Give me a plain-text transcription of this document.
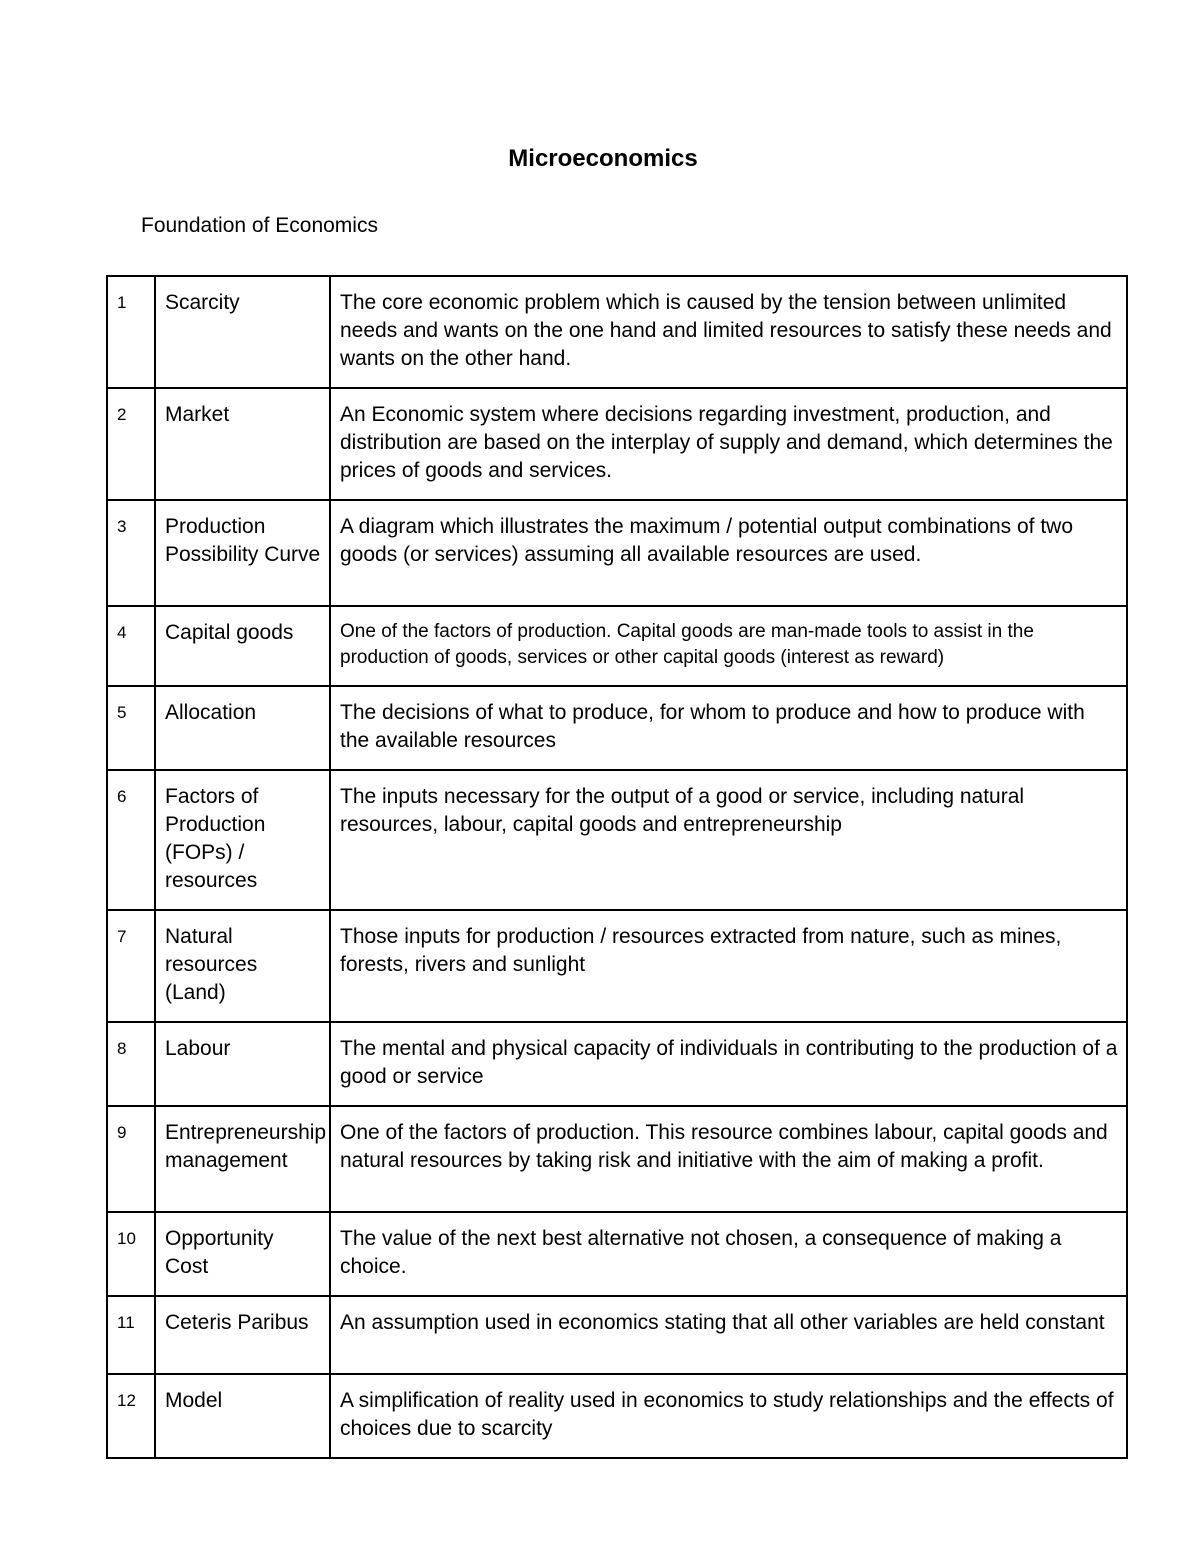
Microeconomics
Foundation of Economics
1	Scarcity	The core economic problem which is caused by the tension between unlimited needs and wants on the one hand and limited resources to satisfy these needs and wants on the other hand.
2	Market	An Economic system where decisions regarding investment, production, and distribution are based on the interplay of supply and demand, which determines the prices of goods and services.
3	Production Possibility Curve	A diagram which illustrates the maximum / potential output combinations of two goods (or services) assuming all available resources are used.
4	Capital goods	One of the factors of production. Capital goods are man-made tools to assist in the production of goods, services or other capital goods (interest as reward)
5	Allocation	The decisions of what to produce, for whom to produce and how to produce with the available resources
6	Factors of Production (FOPs) / resources	The inputs necessary for the output of a good or service, including natural resources, labour, capital goods and entrepreneurship
7	Natural resources (Land)	Those inputs for production / resources extracted from nature, such as mines, forests, rivers and sunlight
8	Labour	The mental and physical capacity of individuals in contributing to the production of a good or service
9	Entrepreneurship management	One of the factors of production. This resource combines labour, capital goods and natural resources by taking risk and initiative with the aim of making a profit.
10	Opportunity Cost	The value of the next best alternative not chosen, a consequence of making a choice.
11	Ceteris Paribus	An assumption used in economics stating that all other variables are held constant
12	Model	A simplification of reality used in economics to study relationships and the effects of choices due to scarcity
